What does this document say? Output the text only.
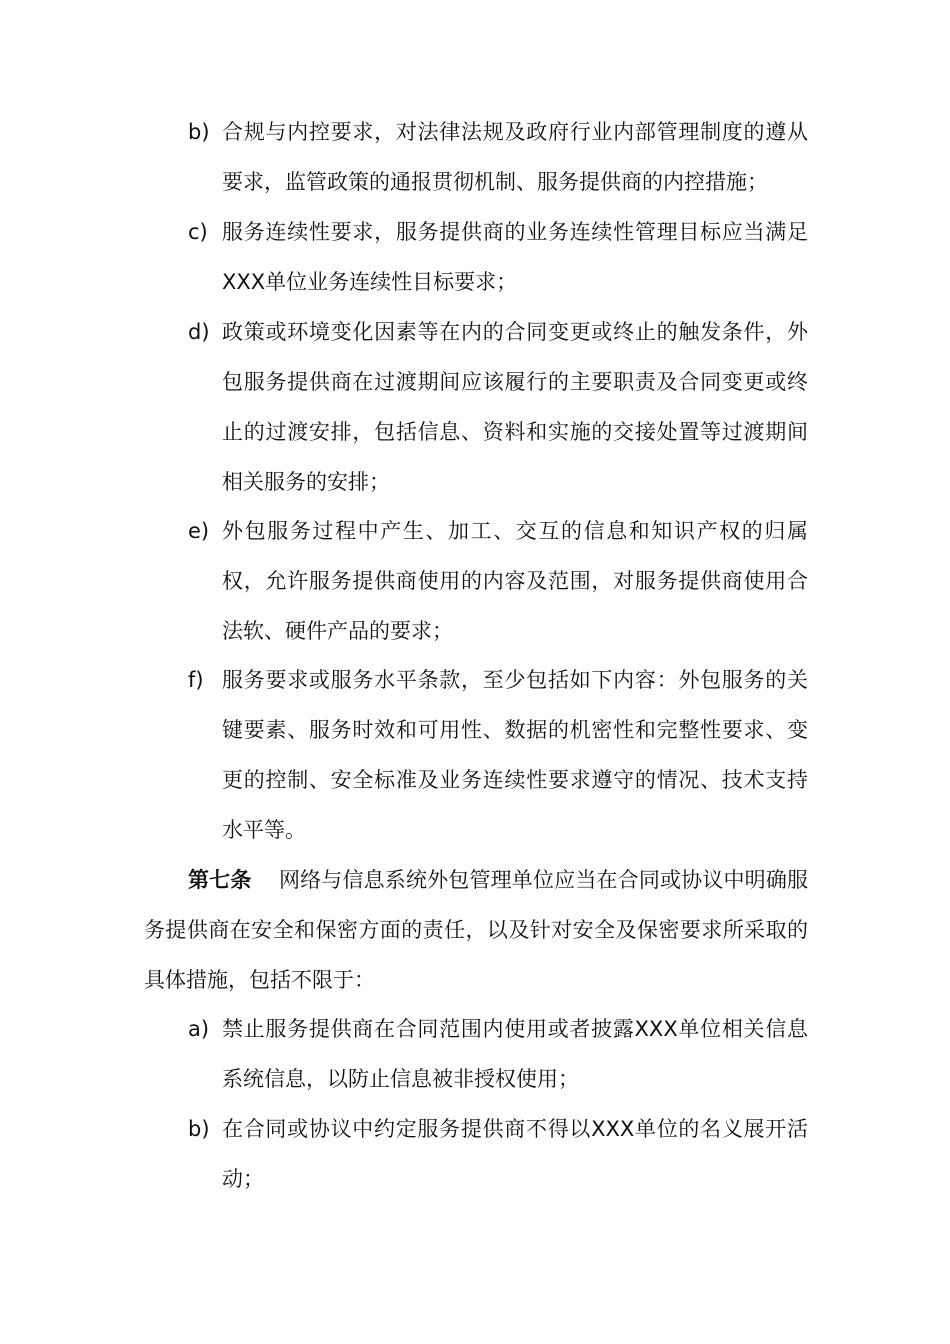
b) 合规与内控要求，对法律法规及政府行业内部管理制度的遵从要求，监管政策的通报贯彻机制、服务提供商的内控措施；
c) 服务连续性要求，服务提供商的业务连续性管理目标应当满足XXX单位业务连续性目标要求；
d) 政策或环境变化因素等在内的合同变更或终止的触发条件，外包服务提供商在过渡期间应该履行的主要职责及合同变更或终止的过渡安排，包括信息、资料和实施的交接处置等过渡期间相关服务的安排；
e) 外包服务过程中产生、加工、交互的信息和知识产权的归属权，允许服务提供商使用的内容及范围，对服务提供商使用合法软、硬件产品的要求；
f) 服务要求或服务水平条款，至少包括如下内容：外包服务的关键要素、服务时效和可用性、数据的机密性和完整性要求、变更的控制、安全标准及业务连续性要求遵守的情况、技术支持水平等。
第七条 网络与信息系统外包管理单位应当在合同或协议中明确服务提供商在安全和保密方面的责任，以及针对安全及保密要求所采取的具体措施，包括不限于：
a) 禁止服务提供商在合同范围内使用或者披露XXX单位相关信息系统信息，以防止信息被非授权使用；
b) 在合同或协议中约定服务提供商不得以XXX单位的名义展开活动；
